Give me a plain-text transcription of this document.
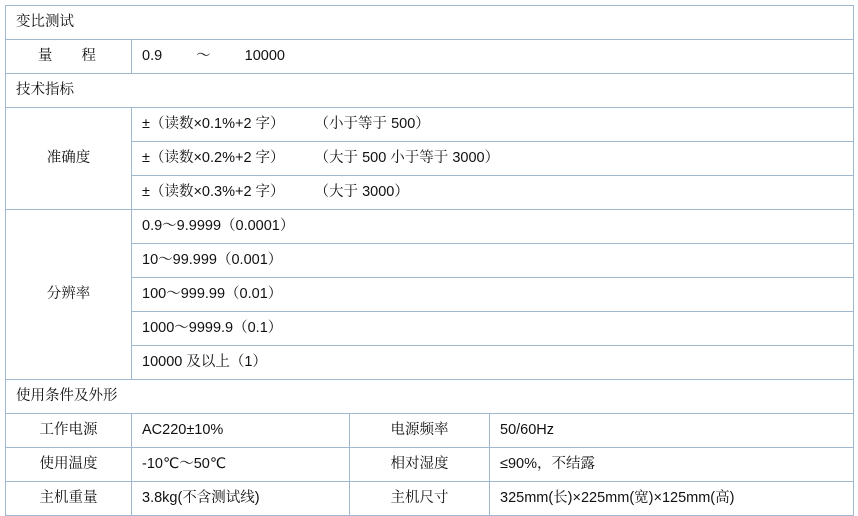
变比测试			
量　程	0.9 ～ 10000		
技术指标			
准确度	±（读数×0.1%+2 字） （小于等于 500）		
	±（读数×0.2%+2 字） （大于 500 小于等于 3000）		
	±（读数×0.3%+2 字） （大于 3000）		
分辨率	0.9～9.9999（0.0001）		
	10～99.999（0.001）		
	100～999.99（0.01）		
	1000～9999.9（0.1）		
	10000 及以上（1）		
使用条件及外形			
工作电源	AC220±10%	电源频率	50/60Hz
使用温度	-10℃～50℃	相对湿度	≤90%，不结露
主机重量	3.8kg(不含测试线)	主机尺寸	325mm(长)×225mm(宽)×125mm(高)
